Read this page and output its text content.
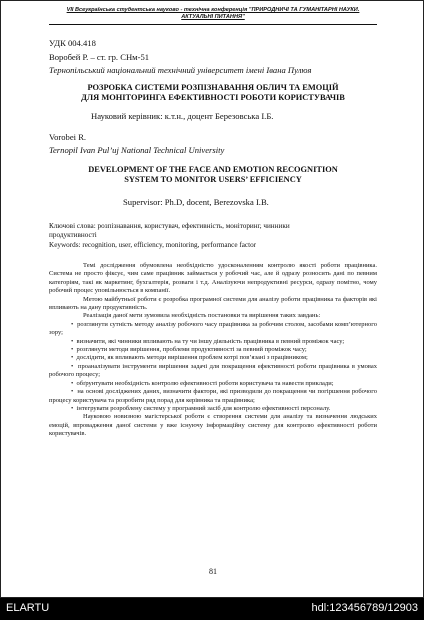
VII Всеукраїнська студентська науково - технічна конференція "ПРИРОДНИЧІ ТА ГУМАНІТАРНІ НАУКИ.
АКТУАЛЬНІ ПИТАННЯ"
УДК 004.418
Воробей Р. – ст. гр. СНм-51
Тернопільський національний технічний університет імені Івана Пулюя
РОЗРОБКА СИСТЕМИ РОЗПІЗНАВАННЯ ОБЛИЧ ТА ЕМОЦІЙ
ДЛЯ МОНІТОРИНГА ЕФЕКТИВНОСТІ РОБОТИ КОРИСТУВАЧІВ
Науковий керівник: к.т.н., доцент Березовська І.Б.
Vorobei R.
Ternopil Ivan Pul’uj National Technical University
DEVELOPMENT OF THE FACE AND EMOTION RECOGNITION
SYSTEM TO MONITOR USERS’ EFFICIENCY
Supervisor: Ph.D, docent, Berezovska I.B.
Ключові слова: розпізнавання, користувач, ефективність, моніторинг, чинники
продуктивності
Keywords: recognition, user, efficiency, monitoring, performance factor

Темі дослідження обумовлена необхідністю удосконаленням контролю якості роботи працівника. Система не просто фіксує, чим саме працівник займається у робочий час, але й одразу розносить дані по певним категоріям, такі як маркетинг, бухгалтерія, розваги і т.д. Аналізуючи непродуктивні ресурси, одразу помітно, чому робочий процес уповільнюється в компанії.

Метою майбутньої роботи є розробка програмної системи для аналізу роботи працівника та факторів які впливають на дану продуктивність.

Реалізація даної мети зумовила необхідність постановки та вирішення таких завдань:

•  розглянути сутність методу аналізу робочого часу працівника за робочим столом, засобами комп’ютерного зору;

•  визначити, які чинники впливають на ту чи іншу діяльність працівника в певний проміжок часу;

•  розглянути методи вирішення, проблеми продуктивності за певний проміжок часу;

•  дослідити, як впливають методи вирішення проблем котрі пов’язані з працівником;

•  проаналізувати інструменти вирішення задачі для покращення ефективності роботи працівника в умовах робочого процесу;

•  обґрунтувати необхідність контролю ефективності роботи користувача та навести приклади;

•  на основі досліджених даних, визначити фактори, які призводили до покращення чи погіршення робочого процесу користувача та розробити ряд порад для керівника та працівника;

•  інтегрувати розроблену систему у програмний засіб для контролю ефективності персоналу.

Науковою новизною магістерської роботи є створення системи для аналізу та визначення людських емоцій, впровадження даної системи у вже існуючу інформаційну систему для контролю ефективності роботи користувачів.

81
ELARTU	hdl:123456789/12903
